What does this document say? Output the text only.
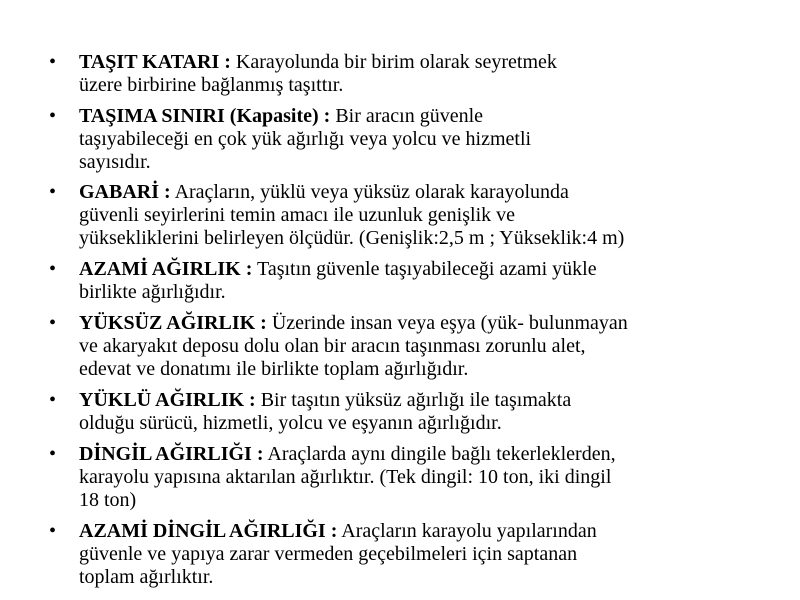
•	TAŞIT KATARI : Karayolunda bir birim olarak seyretmek
üzere birbirine bağlanmış taşıttır.
•	TAŞIMA SINIRI (Kapasite) : Bir aracın güvenle
taşıyabileceği en çok yük ağırlığı veya yolcu ve hizmetli
sayısıdır.
•	GABARİ : Araçların, yüklü veya yüksüz olarak karayolunda
güvenli seyirlerini temin amacı ile uzunluk genişlik ve
yüksekliklerini belirleyen ölçüdür. (Genişlik:2,5 m ; Yükseklik:4 m)
•	AZAMİ AĞIRLIK : Taşıtın güvenle taşıyabileceği azami yükle
birlikte ağırlığıdır.
•	YÜKSÜZ AĞIRLIK : Üzerinde insan veya eşya (yük- bulunmayan
ve akaryakıt deposu dolu olan bir aracın taşınması zorunlu alet,
edevat ve donatımı ile birlikte toplam ağırlığıdır.
•	YÜKLÜ AĞIRLIK : Bir taşıtın yüksüz ağırlığı ile taşımakta
olduğu sürücü, hizmetli, yolcu ve eşyanın ağırlığıdır.
•	DİNGİL AĞIRLIĞI : Araçlarda aynı dingile bağlı tekerleklerden,
karayolu yapısına aktarılan ağırlıktır. (Tek dingil: 10 ton, iki dingil
18 ton)
•	AZAMİ DİNGİL AĞIRLIĞI : Araçların karayolu yapılarından
güvenle ve yapıya zarar vermeden geçebilmeleri için saptanan
toplam ağırlıktır.
